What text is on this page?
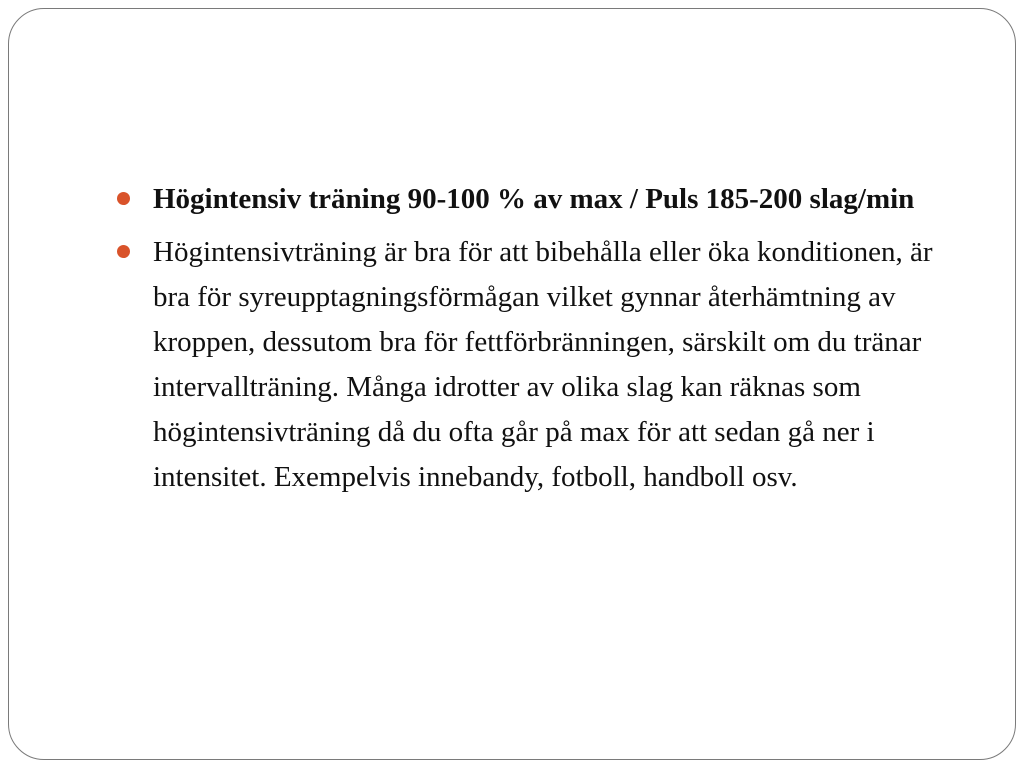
Högintensiv träning 90-100 % av max / Puls 185-200 slag/min
Högintensivträning är bra för att bibehålla eller öka konditionen, är bra för syreupptagningsförmågan vilket gynnar återhämtning av kroppen, dessutom bra för fettförbränningen, särskilt om du tränar intervallträning. Många idrotter av olika slag kan räknas som högintensivträning då du ofta går på max för att sedan gå ner i intensitet. Exempelvis innebandy, fotboll, handboll osv.
